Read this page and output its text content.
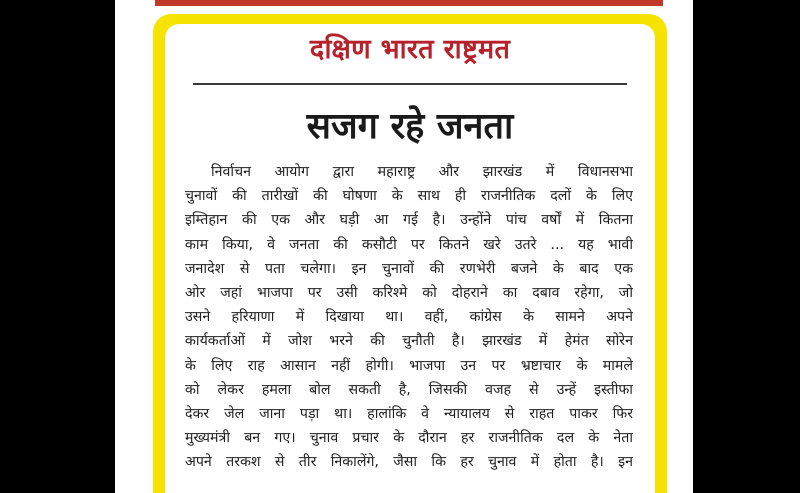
दक्षिण भारत राष्ट्रमत
सजग रहे जनता
निर्वाचन आयोग द्वारा महाराष्ट्र और झारखंड में विधानसभा
चुनावों की तारीखों की घोषणा के साथ ही राजनीतिक दलों के लिए
इम्तिहान की एक और घड़ी आ गई है। उन्होंने पांच वर्षों में कितना
काम किया, वे जनता की कसौटी पर कितने खरे उतरे ... यह भावी
जनादेश से पता चलेगा। इन चुनावों की रणभेरी बजने के बाद एक
ओर जहां भाजपा पर उसी करिश्मे को दोहराने का दबाव रहेगा, जो
उसने हरियाणा में दिखाया था। वहीं, कांग्रेस के सामने अपने
कार्यकर्ताओं में जोश भरने की चुनौती है। झारखंड में हेमंत सोरेन
के लिए राह आसान नहीं होगी। भाजपा उन पर भ्रष्टाचार के मामले
को लेकर हमला बोल सकती है, जिसकी वजह से उन्हें इस्तीफा
देकर जेल जाना पड़ा था। हालांकि वे न्यायालय से राहत पाकर फिर
मुख्यमंत्री बन गए। चुनाव प्रचार के दौरान हर राजनीतिक दल के नेता
अपने तरकश से तीर निकालेंगे, जैसा कि हर चुनाव में होता है। इन
